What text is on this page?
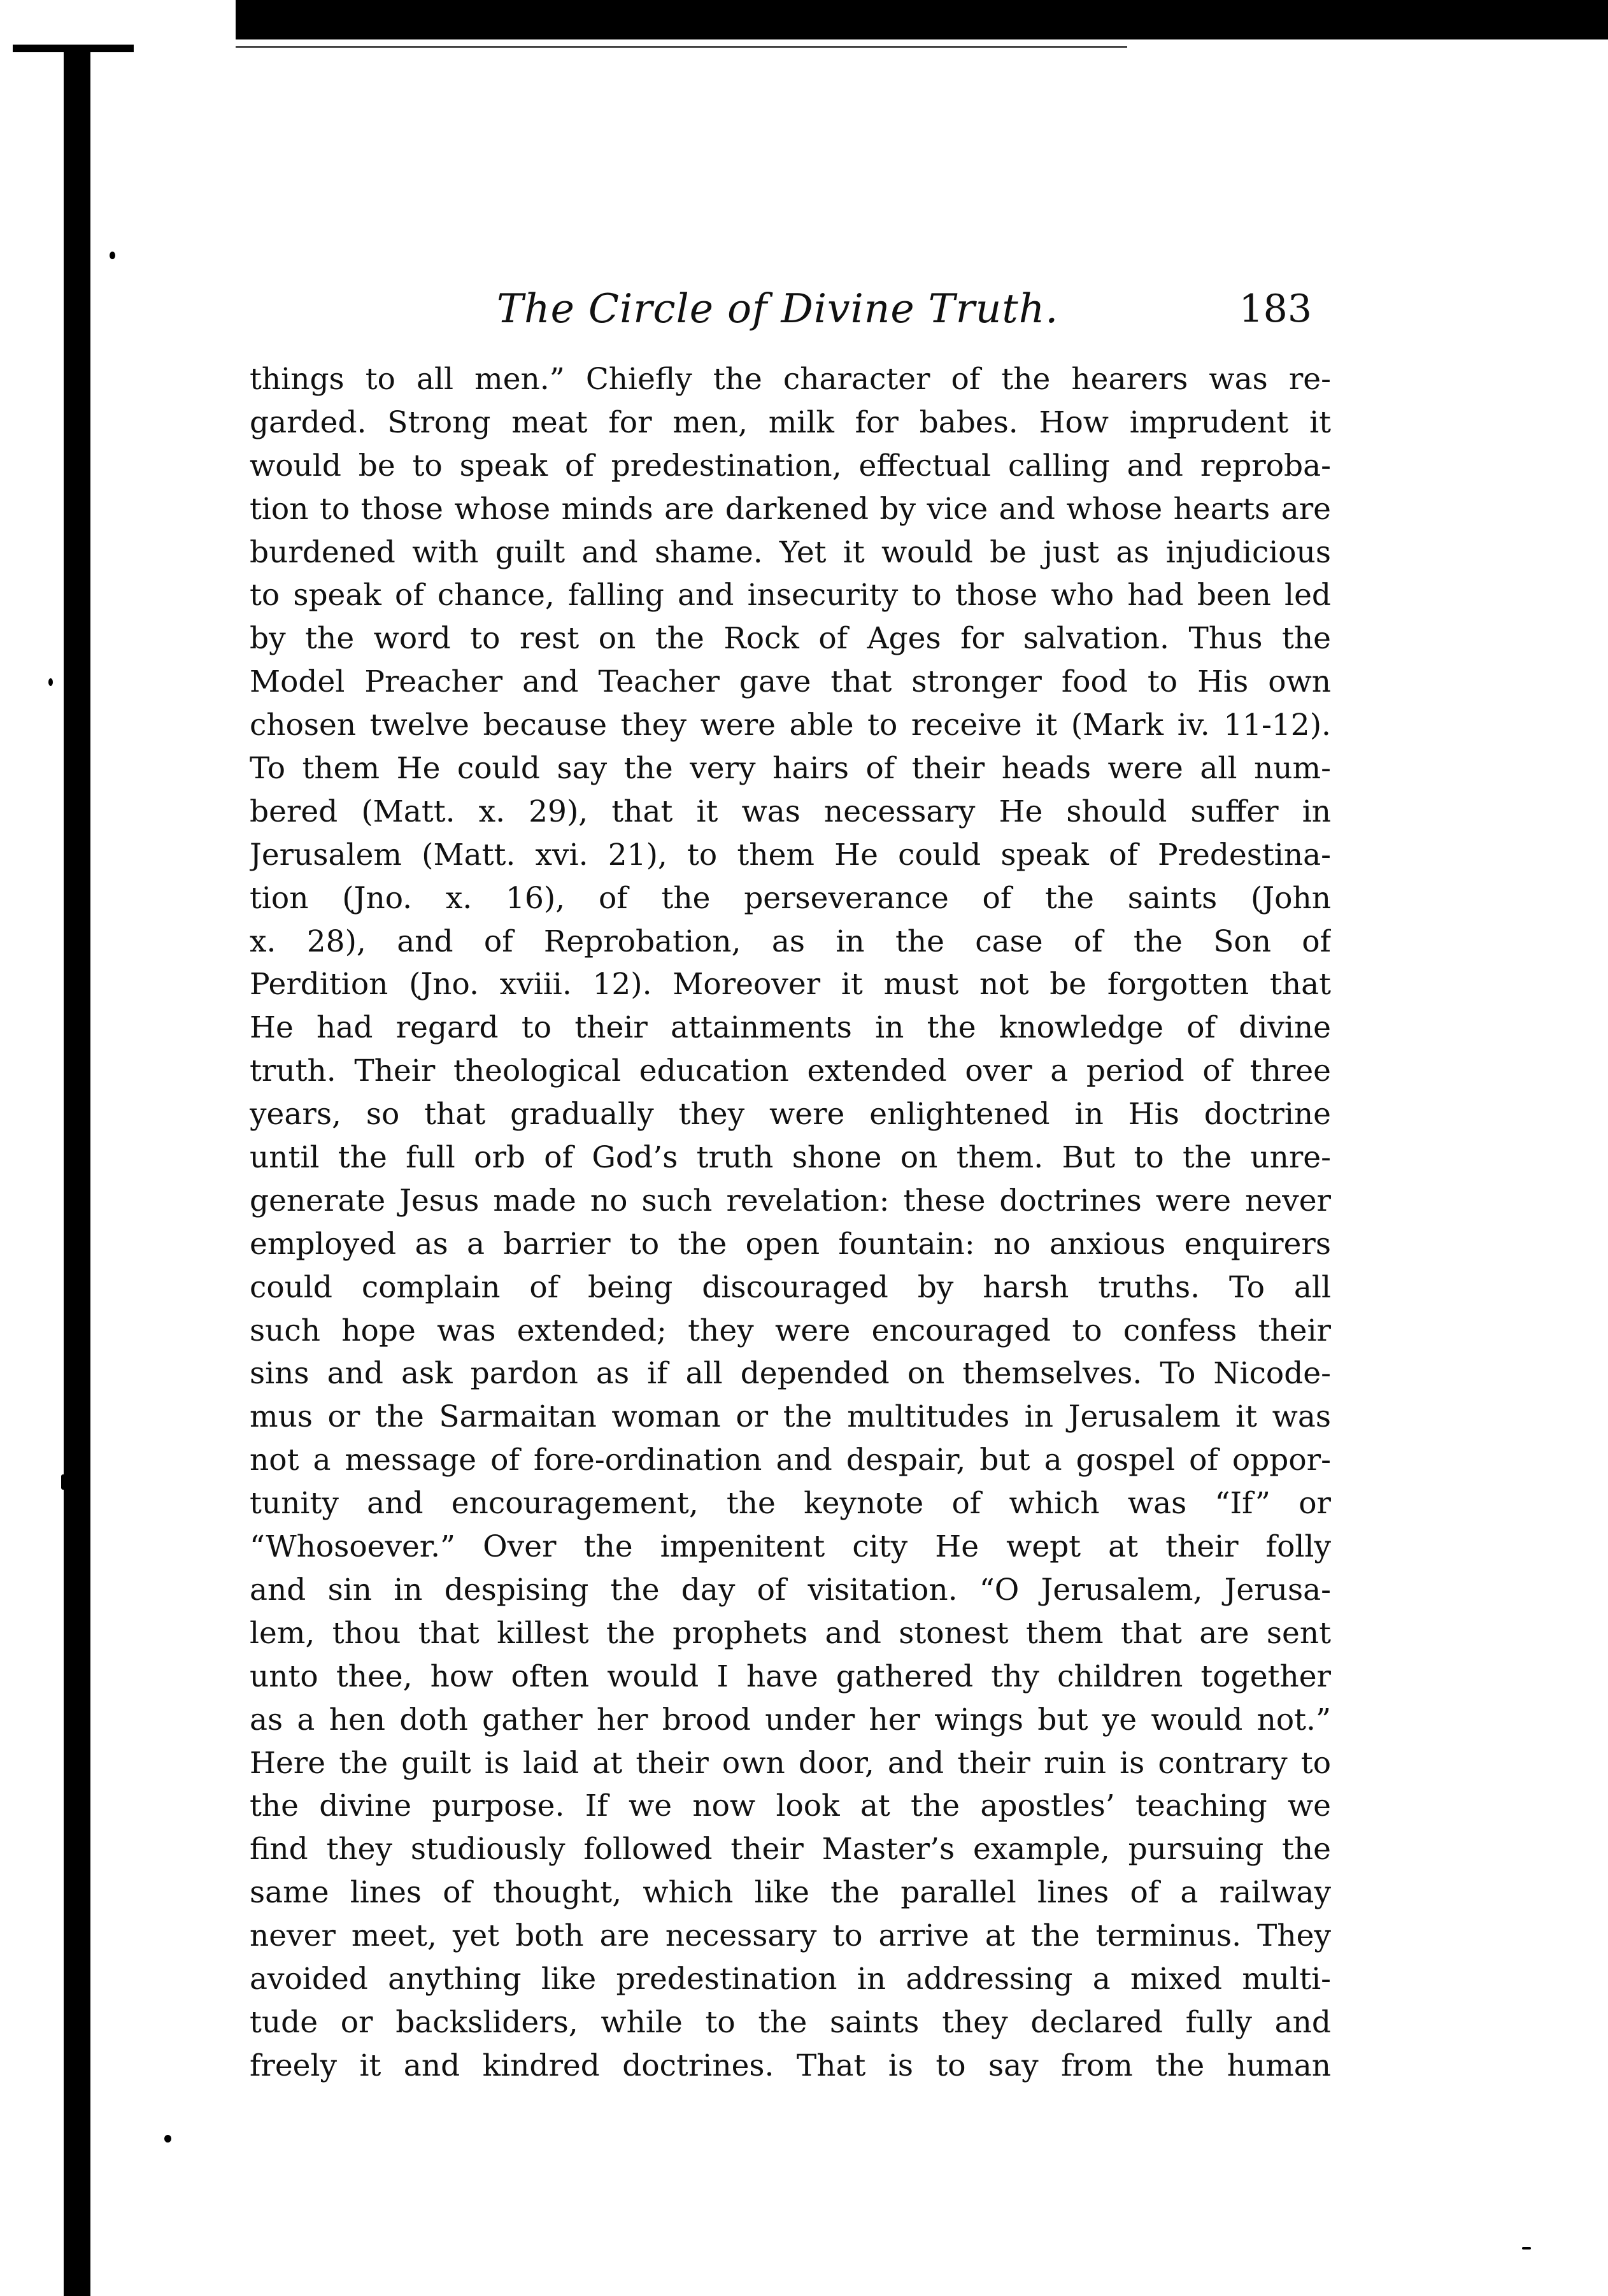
The Circle of Divine Truth.	183
things to all men.” Chiefly the character of the hearers was re-
garded. Strong meat for men, milk for babes. How imprudent it
would be to speak of predestination, effectual calling and reproba-
tion to those whose minds are darkened by vice and whose hearts are
burdened with guilt and shame. Yet it would be just as injudicious
to speak of chance, falling and insecurity to those who had been led
by the word to rest on the Rock of Ages for salvation. Thus the
Model Preacher and Teacher gave that stronger food to His own
chosen twelve because they were able to receive it (Mark iv. 11-12).
To them He could say the very hairs of their heads were all num-
bered (Matt. x. 29), that it was necessary He should suffer in
Jerusalem (Matt. xvi. 21), to them He could speak of Predestina-
tion (Jno. x. 16), of the perseverance of the saints (John
x. 28), and of Reprobation, as in the case of the Son of
Perdition (Jno. xviii. 12). Moreover it must not be forgotten that
He had regard to their attainments in the knowledge of divine
truth. Their theological education extended over a period of three
years, so that gradually they were enlightened in His doctrine
until the full orb of God’s truth shone on them. But to the unre-
generate Jesus made no such revelation: these doctrines were never
employed as a barrier to the open fountain: no anxious enquirers
could complain of being discouraged by harsh truths. To all
such hope was extended; they were encouraged to confess their
sins and ask pardon as if all depended on themselves. To Nicode-
mus or the Sarmaitan woman or the multitudes in Jerusalem it was
not a message of fore-ordination and despair, but a gospel of oppor-
tunity and encouragement, the keynote of which was “If” or
“Whosoever.” Over the impenitent city He wept at their folly
and sin in despising the day of visitation. “O Jerusalem, Jerusa-
lem, thou that killest the prophets and stonest them that are sent
unto thee, how often would I have gathered thy children together
as a hen doth gather her brood under her wings but ye would not.”
Here the guilt is laid at their own door, and their ruin is contrary to
the divine purpose. If we now look at the apostles’ teaching we
find they studiously followed their Master’s example, pursuing the
same lines of thought, which like the parallel lines of a railway
never meet, yet both are necessary to arrive at the terminus. They
avoided anything like predestination in addressing a mixed multi-
tude or backsliders, while to the saints they declared fully and
freely it and kindred doctrines. That is to say from the human
